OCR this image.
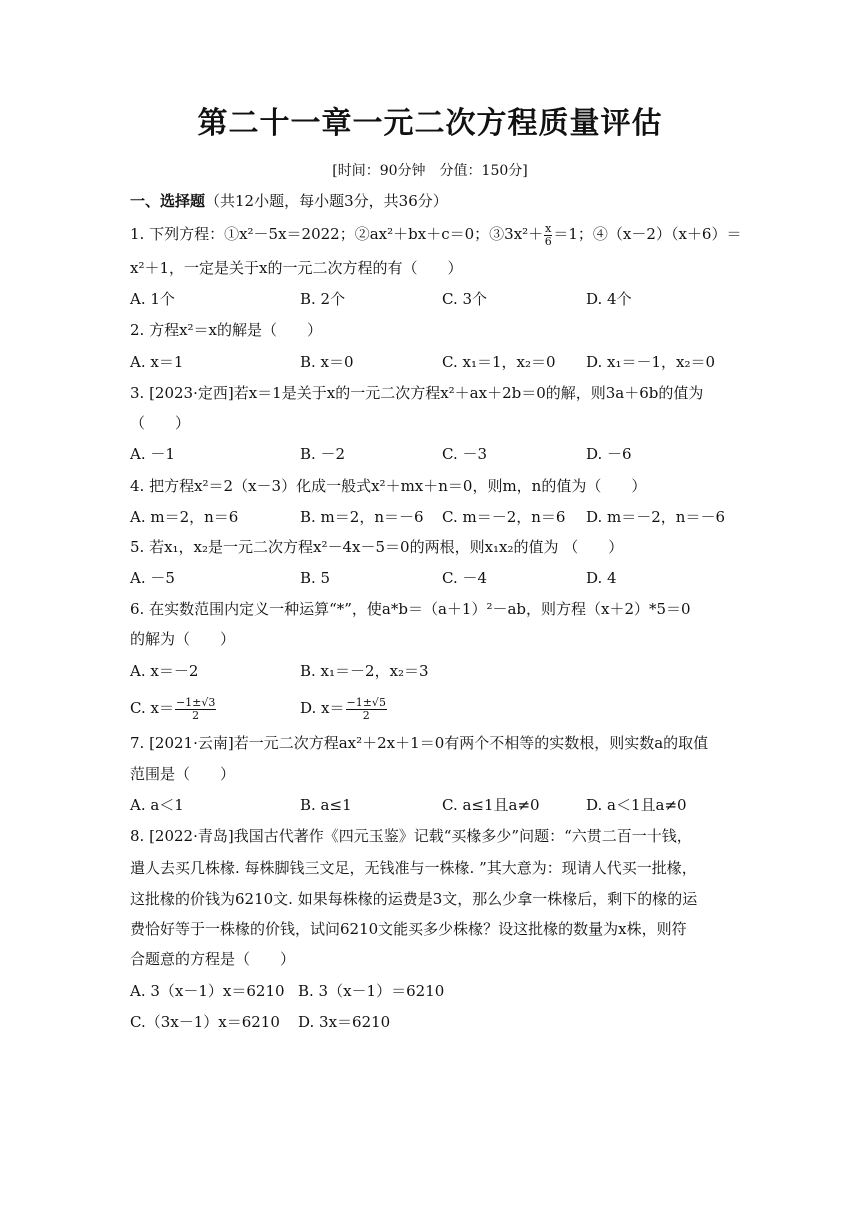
第二十一章一元二次方程质量评估
[时间：90分钟　分值：150分]
一、选择题（共12小题，每小题3分，共36分）
1. 下列方程：①x²－5x＝2022；②ax²＋bx＋c＝0；③3x²＋ $\frac{x}{6} =1$；④（x－2）（x＋6）＝
x²＋1，一定是关于x的一元二次方程的有（　　）
A. 1个	B. 2个	C. 3个	D. 4个
2. 方程x²＝x的解是（　　）
A. x＝1	B. x＝0	C. x₁＝1，x₂＝0 D. x₁＝－1，x₂＝0
3. [2023·定西]若x＝1是关于x的一元二次方程x²＋ax＋2b＝0的解，则3a＋6b的值为
（　　）
A. －1	B. －2	C. －3	D. －6
4. 把方程x²＝2（x－3）化成一般式x²＋mx＋n＝0，则m，n的值为（　　）
A. m＝2，n＝6	B. m＝2，n＝－6 C. m＝－2，n＝6 D. m＝－2，n＝－6
5. 若x₁，x₂是一元二次方程x²－4x－5＝0的两根，则x₁x₂的值为 （　　）
A. －5	B. 5	C. －4	D. 4
6. 在实数范围内定义一种运算“*”，使a*b＝（a＋1）²－ab，则方程（x＋2）*5＝0
的解为（　　）
A. x＝－2	B. x₁＝－2，x₂＝3
C. $x= \frac{-1\pm√3}{2}$	D. $x= \frac{-1\pm√5}{2}$
7. [2021·云南]若一元二次方程ax²＋2x＋1＝0有两个不相等的实数根，则实数a的取值
范围是（　　）
A. a＜1	B. a≤1	C. a≤1且a≠0	D. a＜1且a≠0
8. [2022·青岛]我国古代著作《四元玉鉴》记载“买椽多少”问题：“六贯二百一十钱，
遣人去买几株椽. 每株脚钱三文足，无钱准与一株椽. ”其大意为：现请人代买一批椽，
这批椽的价钱为6210文. 如果每株椽的运费是3文，那么少拿一株椽后，剩下的椽的运
费恰好等于一株椽的价钱，试问6210文能买多少株椽？设这批椽的数量为x株，则符
合题意的方程是（　　）
A. 3（x－1）x＝6210 B. 3（x－1）＝6210
C.（3x－1）x＝6210 D. 3x＝6210
